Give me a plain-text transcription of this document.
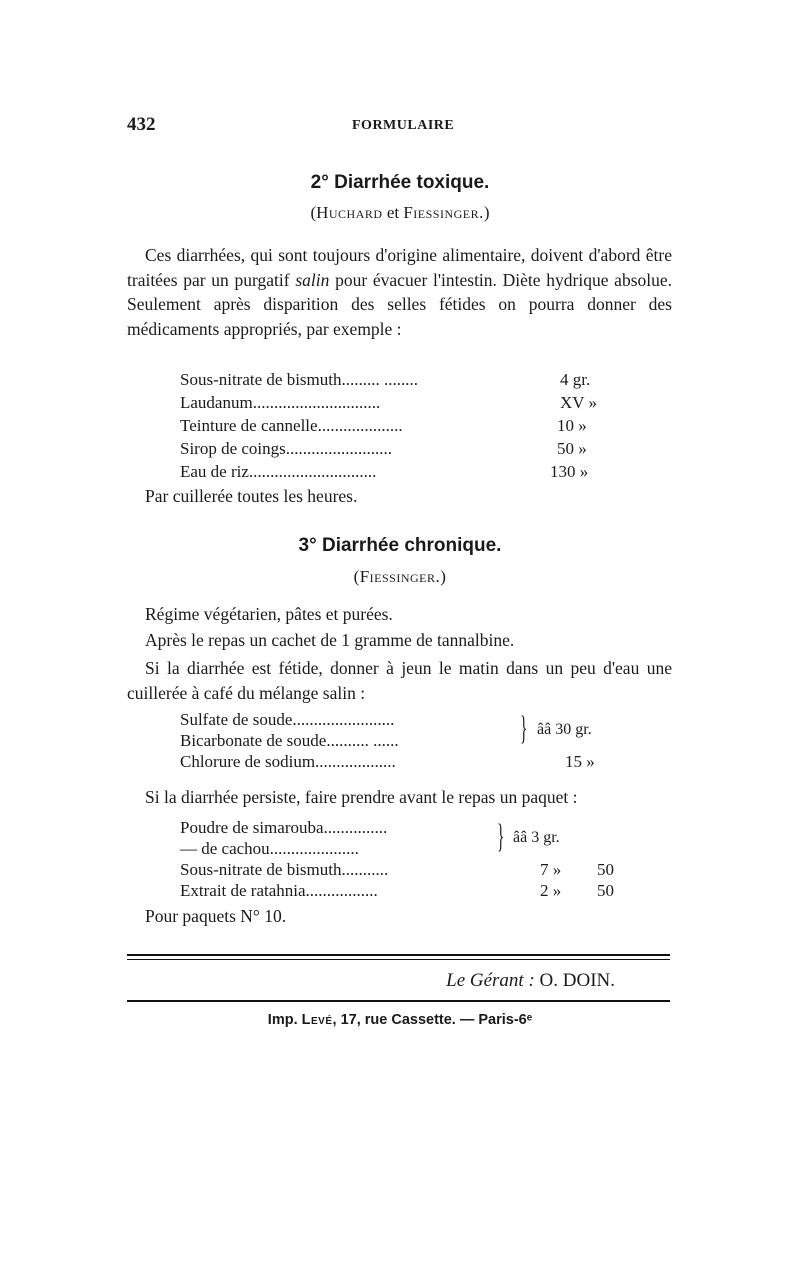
432	FORMULAIRE
2° Diarrhée toxique.
(Huchard et Fiessinger.)

Ces diarrhées, qui sont toujours d'origine alimentaire, doivent d'abord être traitées par un purgatif salin pour évacuer l'intestin. Diète hydrique absolue. Seulement après disparition des selles fétides on pourra donner des médicaments appropriés, par exemple :

Sous-nitrate de bismuth......... ........	4 gr.
Laudanum..............................	XV »
Teinture de cannelle....................	10 »
Sirop de coings.........................	50 »
Eau de riz..............................	130 »
Par cuillerée toutes les heures.
3° Diarrhée chronique.
(Fiessinger.)
Régime végétarien, pâtes et purées.
Après le repas un cachet de 1 gramme de tannalbine.

Si la diarrhée est fétide, donner à jeun le matin dans un peu d'eau une cuillerée à café du mélange salin :

Sulfate de soude........................
Bicarbonate de soude.......... ......	} ââ 30 gr.
Chlorure de sodium...................	15 »
Si la diarrhée persiste, faire prendre avant le repas un paquet :
Poudre de simarouba...............
— de cachou.....................	} ââ 3 gr.
Sous-nitrate de bismuth...........	7 » 50
Extrait de ratahnia.................	2 » 50
Pour paquets N° 10.
Le Gérant : O. DOIN.
Imp. Levé, 17, rue Cassette. — Paris-6ᵉ
